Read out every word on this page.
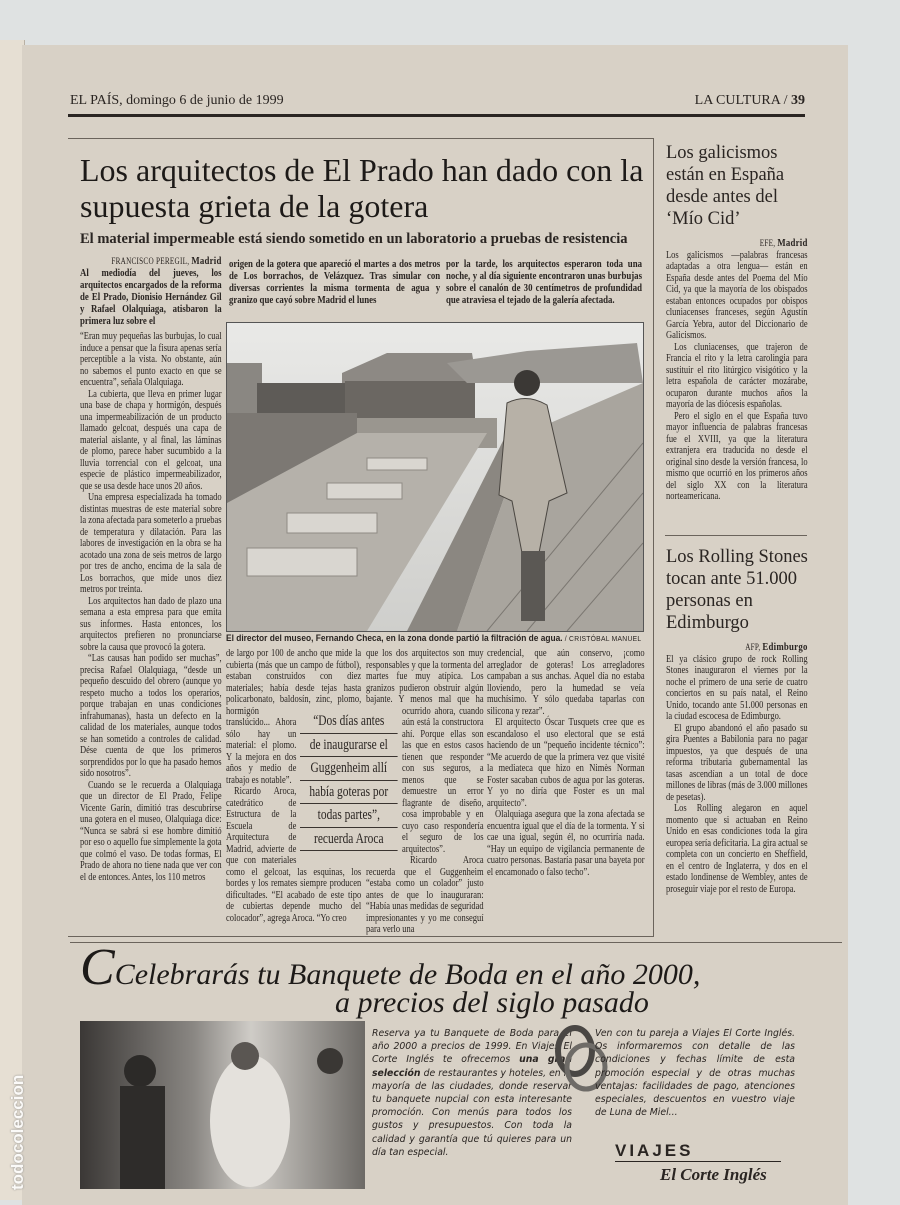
EL PAÍS, domingo 6 de junio de 1999	LA CULTURA / 39
Los arquitectos de El Prado han dado con la supuesta grieta de la gotera
El material impermeable está siendo sometido en un laboratorio a pruebas de resistencia
FRANCISCO PEREGIL, Madrid

Al mediodía del jueves, los arquitectos encargados de la reforma de El Prado, Dionisio Hernández Gil y Rafael Olalquiaga, atisbaron la primera luz sobre el

“Eran muy pequeñas las burbujas, lo cual induce a pensar que la fisura apenas sería perceptible a la vista. No obstante, aún no sabemos el punto exacto en que se encuentra”, señala Olalquiaga.

La cubierta, que lleva en primer lugar una base de chapa y hormigón, después una impermeabilización de un producto llamado gelcoat, después una capa de material aislante, y al final, las láminas de plomo, parece haber sucumbido a la lluvia torrencial con el gelcoat, una especie de plástico impermeabilizador, que se usa desde hace unos 20 años.

Una empresa especializada ha tomado distintas muestras de este material sobre la zona afectada para someterlo a pruebas de temperatura y dilatación. Para las labores de investigación en la obra se ha acotado una zona de seis metros de largo por tres de ancho, encima de la sala de Los borrachos, que mide unos diez metros por treinta.

Los arquitectos han dado de plazo una semana a esta empresa para que emita sus informes. Hasta entonces, los arquitectos prefieren no pronunciarse sobre la causa que provocó la gotera.

“Las causas han podido ser muchas”, precisa Rafael Olalquiaga, “desde un pequeño descuido del obrero (aunque yo respeto mucho a todos los operarios, porque trabajan en unas condiciones infrahumanas), hasta un defecto en la calidad de los materiales, aunque todos se han sometido a controles de calidad. Dése cuenta de que los primeros sorprendidos por lo que ha pasado hemos sido nosotros”.

Cuando se le recuerda a Olalquiaga que un director de El Prado, Felipe Vicente Garín, dimitió tras descubrirse una gotera en el museo, Olalquiaga dice: “Nunca se sabrá si ese hombre dimitió por eso o aquello fue simplemente la gota que colmó el vaso. De todas formas, El Prado de ahora no tiene nada que ver con el de entonces. Antes, los 110 metros

origen de la gotera que apareció el martes a dos metros de Los borrachos, de Velázquez. Tras simular con diversas corrientes la misma tormenta de agua y granizo que cayó sobre Madrid el lunes
por la tarde, los arquitectos esperaron toda una noche, y al día siguiente encontraron unas burbujas sobre el canalón de 30 centímetros de profundidad que atraviesa el tejado de la galería afectada.
El director del museo, Fernando Checa, en la zona donde partió la filtración de agua. / CRISTÓBAL MANUEL

de largo por 100 de ancho que mide la cubierta (más que un campo de fútbol), estaban construidos con diez materiales; había desde tejas hasta policarbonato, baldosín, zinc, plomo, hormigón translúcido... Ahora sólo hay un material: el plomo. Y la mejora en dos años y medio de trabajo es notable”.

Ricardo Aroca, catedrático de Estructura de la Escuela de Arquitectura de Madrid, advierte de que con materiales como el gelcoat, las esquinas, los bordes y los remates siempre producen dificultades. “El acabado de este tipo de cubiertas depende mucho del colocador”, agrega Aroca. “Yo creo

que los dos arquitectos son muy responsables y que la tormenta del martes fue muy atípica. Los granizos pudieron obstruir algún bajante. Y menos mal que ha ocurrido ahora, cuando aún está la constructora ahí. Porque ellas son las que en estos casos tienen que responder con sus seguros, a menos que se demuestre un error flagrante de diseño, cosa improbable y en cuyo caso respondería el seguro de los arquitectos”.

Ricardo Aroca recuerda que el Guggenheim “estaba como un colador” justo antes de que lo inauguraran: “Había unas medidas de seguridad impresionantes y yo me conseguí para verlo una

“Dos días antes
de inaugurarse el
Guggenheim allí
había goteras por
todas partes”,
recuerda Aroca

credencial, que aún conservo, ¡como arreglador de goteras! Los arregladores campaban a sus anchas. Aquel día no estaba lloviendo, pero la humedad se veía muchísimo. Y sólo quedaba taparlas con silicona y rezar”.

El arquitecto Óscar Tusquets cree que es escandaloso el uso electoral que se está haciendo de un “pequeño incidente técnico”: “Me acuerdo de que la primera vez que visité la mediateca que hizo en Nimès Norman Foster sacaban cubos de agua por las goteras. Y yo no diría que Foster es un mal arquitecto”.

Olalquiaga asegura que la zona afectada se encuentra igual que el día de la tormenta. Y si cae una igual, según él, no ocurriría nada. “Hay un equipo de vigilancia permanente de cuatro personas. Bastaría pasar una bayeta por el encamonado o falso techo”.

Los galicismos están en España desde antes del ‘Mío Cid’
EFE, Madrid

Los galicismos —palabras francesas adaptadas a otra lengua— están en España desde antes del Poema del Mío Cid, ya que la mayoría de los obispados estaban entonces ocupados por obispos cluniacenses franceses, según Agustín García Yebra, autor del Diccionario de Galicismos.

Los cluniacenses, que trajeron de Francia el rito y la letra carolingia para sustituir el rito litúrgico visigótico y la letra española de carácter mozárabe, ocuparon durante muchos años la mayoría de las diócesis españolas.

Pero el siglo en el que España tuvo mayor influencia de palabras francesas fue el XVIII, ya que la literatura extranjera era traducida no desde el original sino desde la versión francesa, lo mismo que ocurrió en los primeros años del siglo XX con la literatura norteamericana.

Los Rolling Stones tocan ante 51.000 personas en Edimburgo
AFP, Edimburgo

El ya clásico grupo de rock Rolling Stones inauguraron el viernes por la noche el primero de una serie de cuatro conciertos en su país natal, el Reino Unido, tocando ante 51.000 personas en la ciudad escocesa de Edimburgo.

El grupo abandonó el año pasado su gira Puentes a Babilonia para no pagar impuestos, ya que después de una reforma tributaria gubernamental las tasas ascendían a un total de doce millones de libras (más de 3.000 millones de pesetas).

Los Rolling alegaron en aquel momento que si actuaban en Reino Unido en esas condiciones toda la gira europea sería deficitaria. La gira actual se completa con un concierto en Sheffield, en el centro de Inglaterra, y dos en el estado londinense de Wembley, antes de proseguir viaje por el resto de Europa.

CCelebrarás tu Banquete de Boda en el año 2000,
a precios del siglo pasado
Reserva ya tu Banquete de Boda para el año 2000 a precios de 1999. En Viajes El Corte Inglés te ofrecemos una gran selección de restaurantes y hoteles, en la mayoría de las ciudades, donde reservar tu banquete nupcial con esta interesante promoción. Con menús para todos los gustos y presupuestos. Con toda la calidad y garantía que tú quieres para un día tan especial.
Ven con tu pareja a Viajes El Corte Inglés. Os informaremos con detalle de las condiciones y fechas límite de esta promoción especial y de otras muchas ventajas: facilidades de pago, atenciones especiales, descuentos en vuestro viaje de Luna de Miel...
VIAJES
El Corte Inglés
todocoleccion
